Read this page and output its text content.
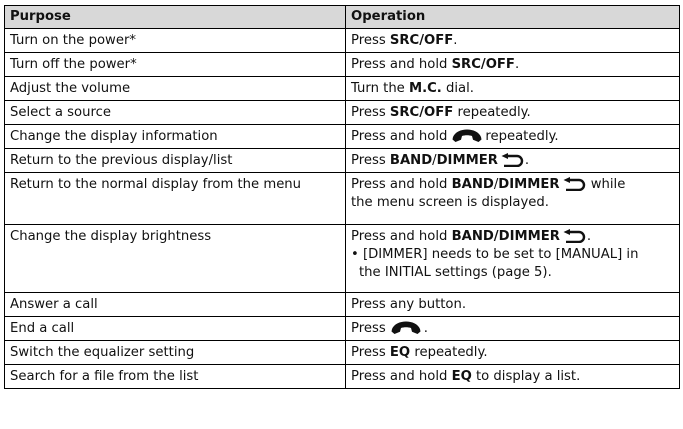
Purpose	Operation
Turn on the power*	Press SRC/OFF.
Turn off the power*	Press and hold SRC/OFF.
Adjust the volume	Turn the M.C. dial.
Select a source	Press SRC/OFF repeatedly.
Change the display information	Press and hold repeatedly.
Return to the previous display/list	Press BAND/DIMMER .
Return to the normal display from the menu	Press and hold BAND/DIMMER while
the menu screen is displayed.
Change the display brightness	Press and hold BAND/DIMMER .
• [DIMMER] needs to be set to [MANUAL] in
the INITIAL settings (page 5).
Answer a call	Press any button.
End a call	Press .
Switch the equalizer setting	Press EQ repeatedly.
Search for a file from the list	Press and hold EQ to display a list.
